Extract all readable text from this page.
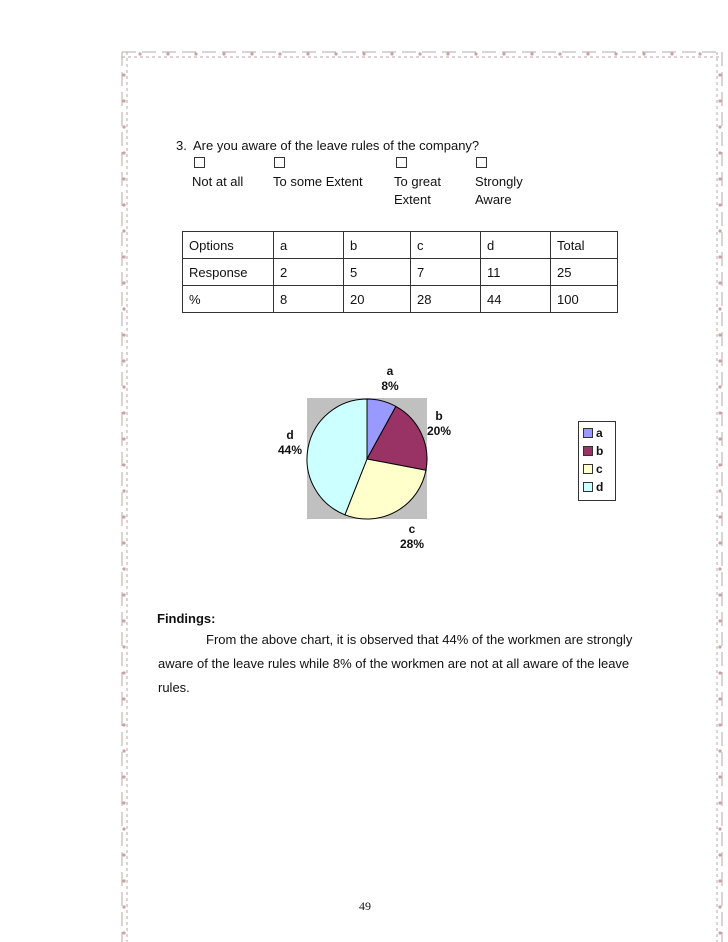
3. Are you aware of the leave rules of the company?
Not at all To some Extent To great
Extent
Strongly
Aware
Options	a	b	c	d	Total
Response	2	5	7	11	25
%	8	20	28	44	100
a
8%
b
20%
c
28%
d
44%
a
b
c
d
Findings:
From the above chart, it is observed that 44% of the workmen are strongly
aware of the leave rules while 8% of the workmen are not at all aware of the leave
rules.
49
